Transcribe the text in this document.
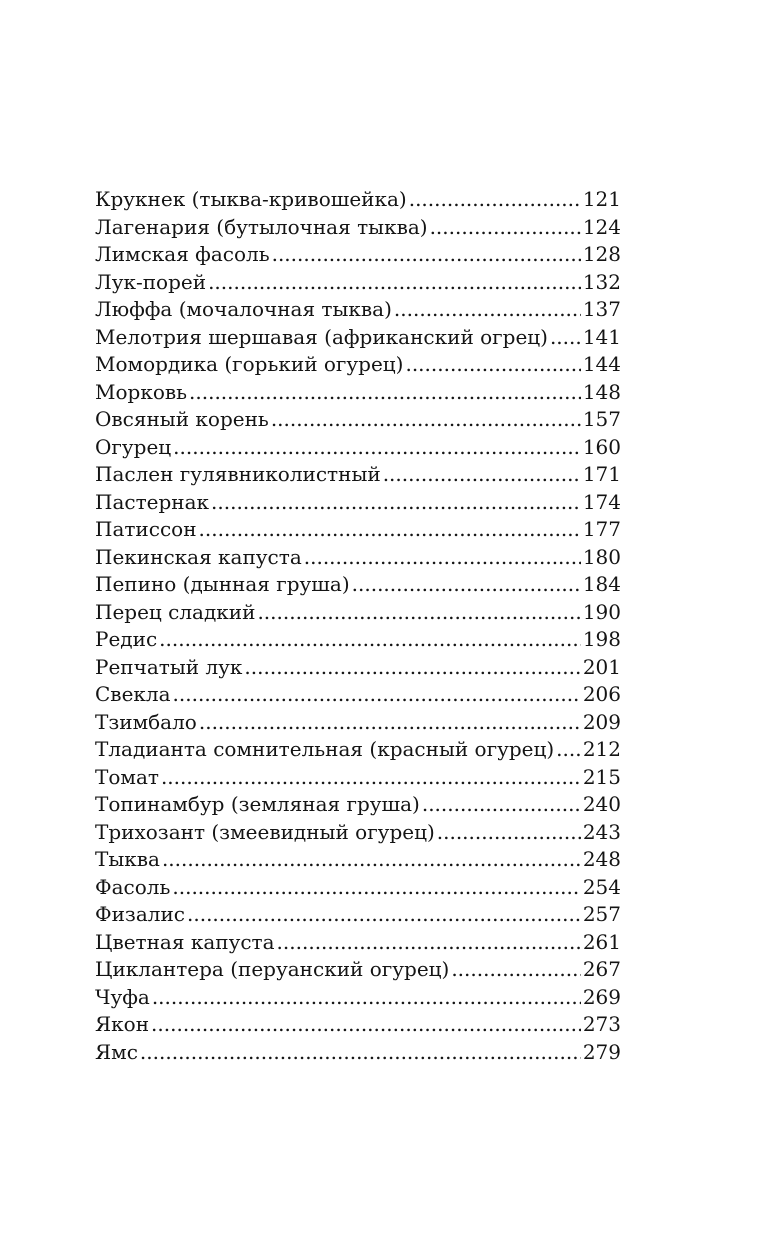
Крукнек (тыква-кривошейка) .....	121
Лагенария (бутылочная тыква) .....	124
Лимская фасоль .....	128
Лук-порей .....	132
Люффа (мочалочная тыква) .....	137
Мелотрия шершавая (африканский огрец) ..... 141
Момордика (горький огурец) .....	144
Морковь .....	148
Овсяный корень .....	157
Огурец .....	160
Паслен гулявниколистный .....	171
Пастернак .....	174
Патиссон .....	177
Пекинская капуста .....	180
Пепино (дынная груша) .....	184
Перец сладкий .....	190
Редис .....	198
Репчатый лук .....	201
Свекла .....	206
Тзимбало .....	209
Тладианта сомнительная (красный огурец) ..... 212
Томат .....	215
Топинамбур (земляная груша) .....	240
Трихозант (змеевидный огурец) .....	243
Тыква .....	248
Фасоль .....	254
Физалис .....	257
Цветная капуста .....	261
Циклантера (перуанский огурец) .....	267
Чуфа .....	269
Якон .....	273
Ямс .....	279
